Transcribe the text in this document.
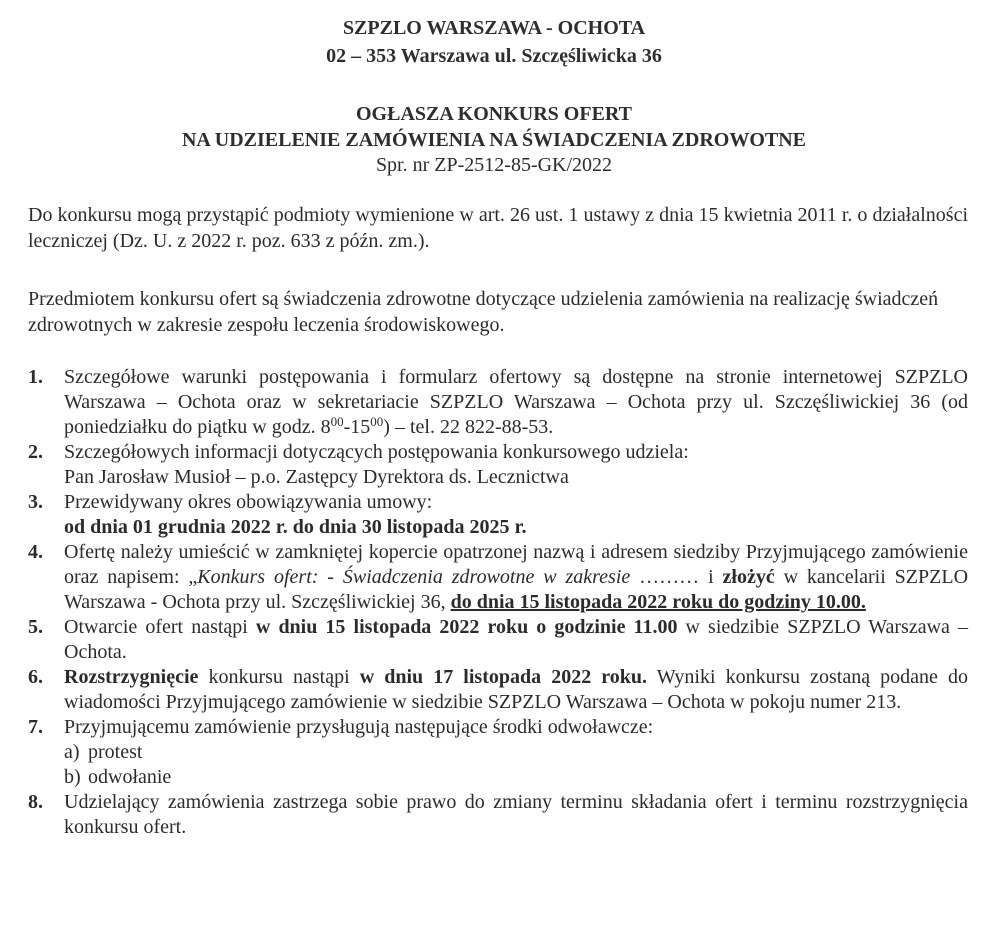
SZPZLO WARSZAWA - OCHOTA
02 – 353 Warszawa ul. Szczęśliwicka 36
OGŁASZA KONKURS OFERT
NA UDZIELENIE ZAMÓWIENIA NA ŚWIADCZENIA ZDROWOTNE
Spr. nr ZP-2512-85-GK/2022
Do konkursu mogą przystąpić podmioty wymienione w art. 26 ust. 1 ustawy z dnia 15 kwietnia 2011 r. o działalności leczniczej (Dz. U. z 2022 r. poz. 633 z późn. zm.).
Przedmiotem konkursu ofert są świadczenia zdrowotne dotyczące udzielenia zamówienia na realizację świadczeń zdrowotnych w zakresie zespołu leczenia środowiskowego.
1. Szczegółowe warunki postępowania i formularz ofertowy są dostępne na stronie internetowej SZPZLO Warszawa – Ochota oraz w sekretariacie SZPZLO Warszawa – Ochota przy ul. Szczęśliwickiej 36 (od poniedziałku do piątku w godz. $8^{00}-15^{00}$) – tel. 22 822-88-53.
2. Szczegółowych informacji dotyczących postępowania konkursowego udziela:
Pan Jarosław Musioł – p.o. Zastępcy Dyrektora ds. Lecznictwa
3. Przewidywany okres obowiązywania umowy:
od dnia 01 grudnia 2022 r. do dnia 30 listopada 2025 r.
4. Ofertę należy umieścić w zamkniętej kopercie opatrzonej nazwą i adresem siedziby Przyjmującego zamówienie oraz napisem: „Konkurs ofert: - Świadczenia zdrowotne w zakresie ……… i złożyć w kancelarii SZPZLO Warszawa - Ochota przy ul. Szczęśliwickiej 36, do dnia 15 listopada 2022 roku do godziny 10.00.
5. Otwarcie ofert nastąpi w dniu 15 listopada 2022 roku o godzinie 11.00 w siedzibie SZPZLO Warszawa – Ochota.
6. Rozstrzygnięcie konkursu nastąpi w dniu 17 listopada 2022 roku. Wyniki konkursu zostaną podane do wiadomości Przyjmującego zamówienie w siedzibie SZPZLO Warszawa – Ochota w pokoju numer 213.
7. Przyjmującemu zamówienie przysługują następujące środki odwoławcze:
a) protest
b) odwołanie
8. Udzielający zamówienia zastrzega sobie prawo do zmiany terminu składania ofert i terminu rozstrzygnięcia konkursu ofert.
